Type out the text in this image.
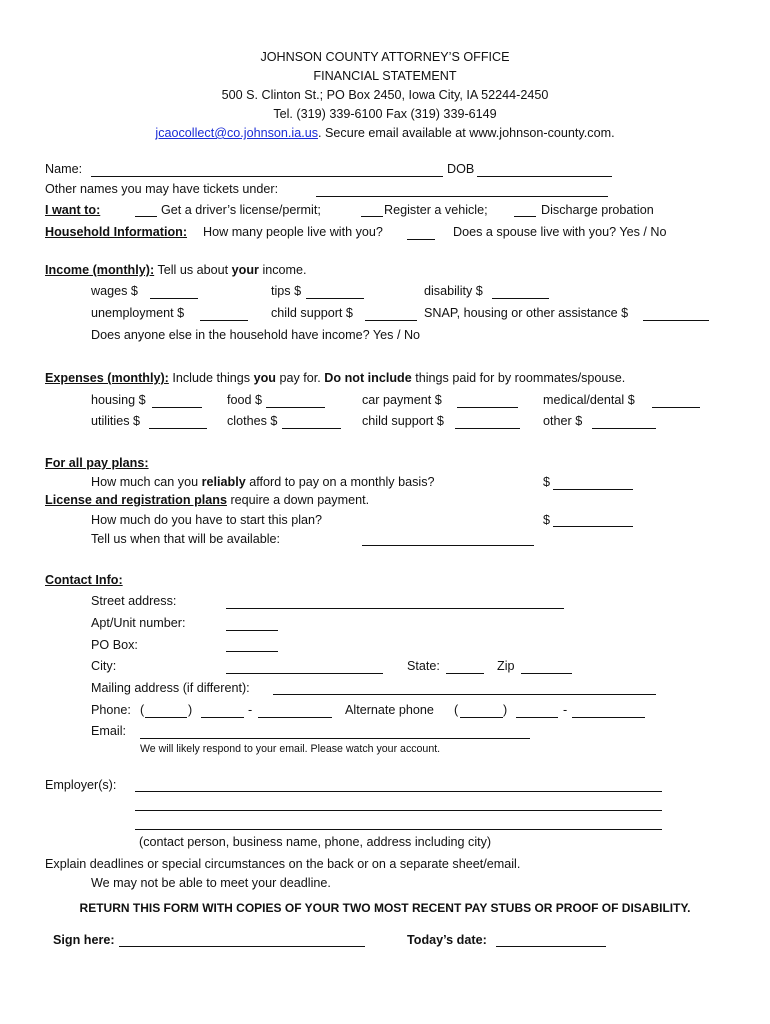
JOHNSON COUNTY ATTORNEY’S OFFICE
FINANCIAL STATEMENT
500 S. Clinton St.; PO Box 2450, Iowa City, IA 52244-2450
Tel. (319) 339-6100 Fax (319) 339-6149
jcaocollect@co.johnson.ia.us. Secure email available at www.johnson-county.com.
Name:	DOB
Other names you may have tickets under:
I want to:	Get a driver’s license/permit;	Register a vehicle;	Discharge probation
Household Information: How many people live with you?	Does a spouse live with you? Yes / No
Income (monthly): Tell us about your income.
wages $	tips $	disability $
unemployment $	child support $	SNAP, housing or other assistance $
Does anyone else in the household have income? Yes / No
Expenses (monthly): Include things you pay for. Do not include things paid for by roommates/spouse.
housing $	food $	car payment $	medical/dental $
utilities $	clothes $	child support $	other $
For all pay plans:
How much can you reliably afford to pay on a monthly basis?	$
License and registration plans require a down payment.
How much do you have to start this plan?	$
Tell us when that will be available:
Contact Info:
Street address:
Apt/Unit number:
PO Box:
City:	State:	Zip
Mailing address (if different):
Phone: (	)	-	Alternate phone (	)	-
Email:
We will likely respond to your email. Please watch your account.
Employer(s):
(contact person, business name, phone, address including city)
Explain deadlines or special circumstances on the back or on a separate sheet/email.
We may not be able to meet your deadline.
RETURN THIS FORM WITH COPIES OF YOUR TWO MOST RECENT PAY STUBS OR PROOF OF DISABILITY.
Sign here:	Today’s date:
